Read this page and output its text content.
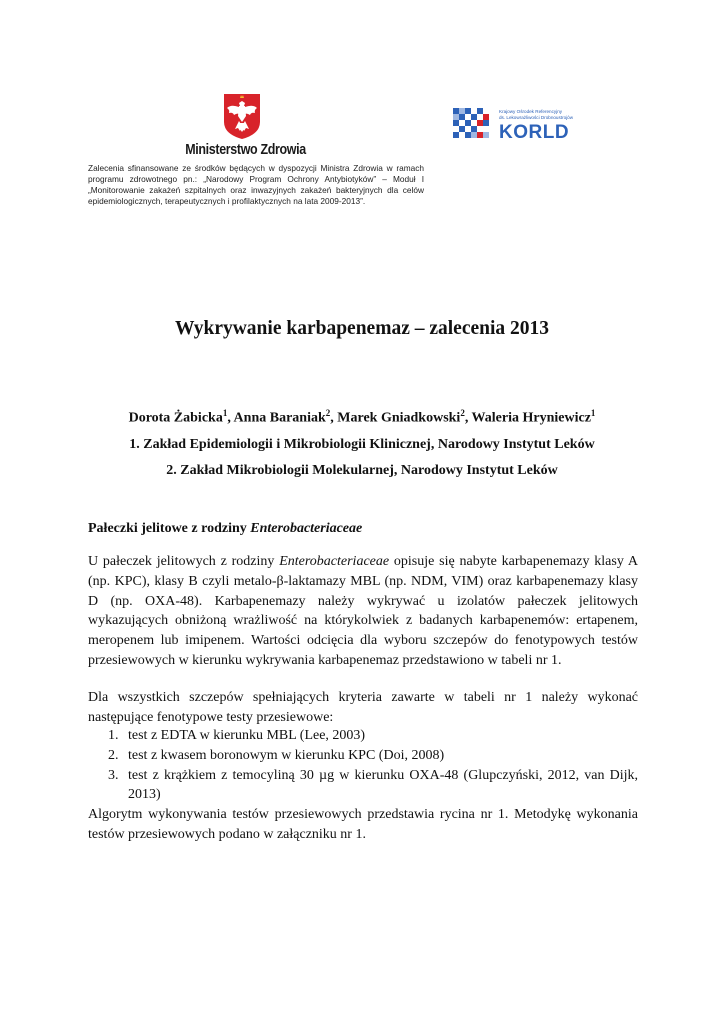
Ministerstwo Zdrowia
Zalecenia sfinansowane ze środków będących w dyspozycji Ministra Zdrowia w ramach programu zdrowotnego pn.: „Narodowy Program Ochrony Antybiotyków” – Moduł I „Monitorowanie zakażeń szpitalnych oraz inwazyjnych zakażeń bakteryjnych dla celów epidemiologicznych, terapeutycznych i profilaktycznych na lata 2009-2013”.
Krajowy Ośrodek Referencyjny
ds. Lekowrażliwości Drobnoustrojów
KORLD
Wykrywanie karbapenemaz – zalecenia 2013
Dorota Żabicka$^1$, Anna Baraniak$^2$, Marek Gniadkowski$^2$, Waleria Hryniewicz$^1$
1. Zakład Epidemiologii i Mikrobiologii Klinicznej, Narodowy Instytut Leków
2. Zakład Mikrobiologii Molekularnej, Narodowy Instytut Leków
Pałeczki jelitowe z rodziny Enterobacteriaceae
U pałeczek jelitowych z rodziny Enterobacteriaceae opisuje się nabyte karbapenemazy klasy A (np. KPC), klasy B czyli metalo-β-laktamazy MBL (np. NDM, VIM) oraz karbapenemazy klasy D (np. OXA-48). Karbapenemazy należy wykrywać u izolatów pałeczek jelitowych wykazujących obniżoną wrażliwość na którykolwiek z badanych karbapenemów: ertapenem, meropenem lub imipenem. Wartości odcięcia dla wyboru szczepów do fenotypowych testów przesiewowych w kierunku wykrywania karbapenemaz przedstawiono w tabeli nr 1.
Dla wszystkich szczepów spełniających kryteria zawarte w tabeli nr 1 należy wykonać następujące fenotypowe testy przesiewowe:
1. test z EDTA w kierunku MBL (Lee, 2003)
2. test z kwasem boronowym w kierunku KPC (Doi, 2008)
3. test z krążkiem z temocyliną 30 µg w kierunku OXA-48 (Glupczyński, 2012, van Dijk, 2013)
Algorytm wykonywania testów przesiewowych przedstawia rycina nr 1. Metodykę wykonania testów przesiewowych podano w załączniku nr 1.
